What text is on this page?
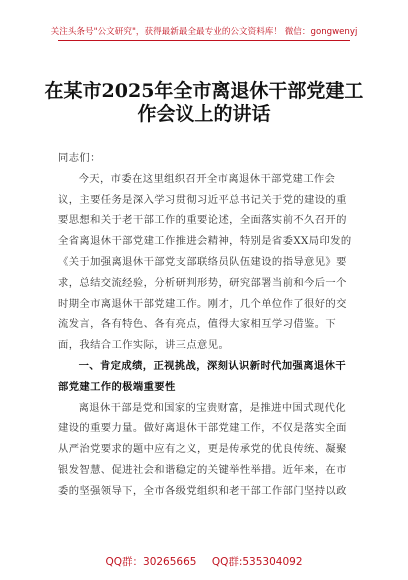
关注头条号"公文研究"，获得最新最全最专业的公文资料库！ 微信：gongwenyj
在某市2025年全市离退休干部党建工作会议上的讲话

同志们：

今天，市委在这里组织召开全市离退休干部党建工作会议，主要任务是深入学习贯彻习近平总书记关于党的建设的重要思想和关于老干部工作的重要论述，全面落实前不久召开的全省离退休干部党建工作推进会精神，特别是省委XX局印发的《关于加强离退休干部党支部联络员队伍建设的指导意见》要求，总结交流经验，分析研判形势，研究部署当前和今后一个时期全市离退休干部党建工作。刚才，几个单位作了很好的交流发言，各有特色、各有亮点，值得大家相互学习借鉴。下面，我结合工作实际，讲三点意见。

一、肯定成绩，正视挑战，深刻认识新时代加强离退休干部党建工作的极端重要性

离退休干部是党和国家的宝贵财富，是推进中国式现代化建设的重要力量。做好离退休干部党建工作，不仅是落实全面从严治党要求的题中应有之义，更是传承党的优良传统、凝聚银发智慧、促进社会和谐稳定的关键举性举措。近年来，在市委的坚强领导下，全市各级党组织和老干部工作部门坚持以政

QQ群：30265665 QQ群:535304092
